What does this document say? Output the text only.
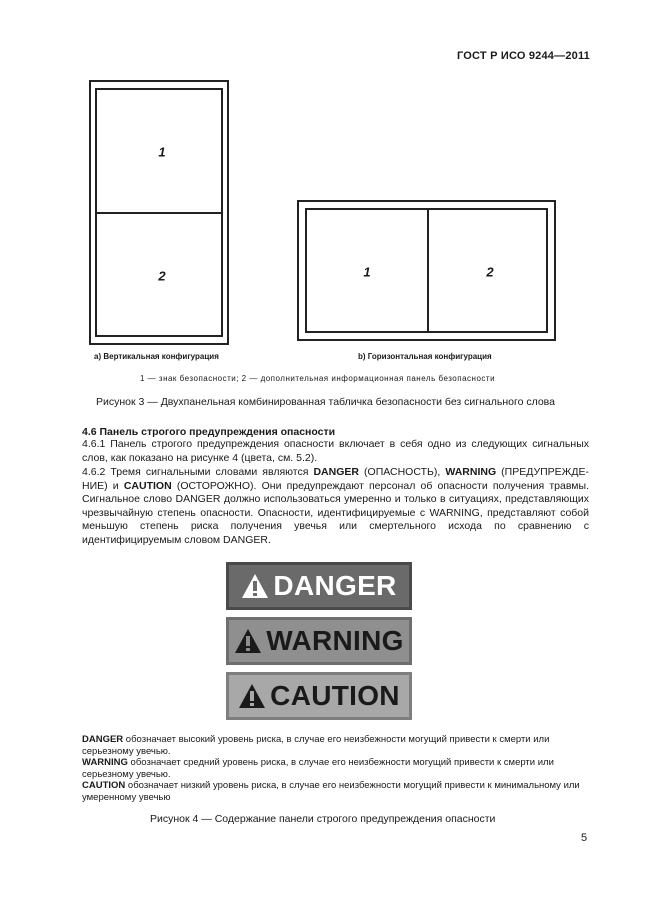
ГОСТ Р ИСО 9244—2011
1
2
a) Вертикальная конфигурация
1	2
b) Горизонтальная конфигурация
1 — знак безопасности; 2 — дополнительная информационная панель безопасности
Рисунок 3 — Двухпанельная комбинированная табличка безопасности без сигнального слова
4.6 Панель строгого предупреждения опасности
4.6.1 Панель строгого предупреждения опасности включает в себя одно из следующих сигнальных слов, как показано на рисунке 4 (цвета, см. 5.2).
4.6.2 Тремя сигнальными словами являются DANGER (ОПАСНОСТЬ), WARNING (ПРЕДУПРЕЖДЕ-НИЕ) и CAUTION (ОСТОРОЖНО). Они предупреждают персонал об опасности получения травмы. Сигнальное слово DANGER должно использоваться умеренно и только в ситуациях, представляющих чрезвычайную степень опасности. Опасности, идентифицируемые с WARNING, представляют собой меньшую степень риска получения увечья или смертельного исхода по сравнению с идентифицируемым словом DANGER.
DANGER
WARNING
CAUTION
DANGER обозначает высокий уровень риска, в случае его неизбежности могущий привести к смерти или серьезному увечью.
WARNING обозначает средний уровень риска, в случае его неизбежности могущий привести к смерти или серьезному увечью.
CAUTION обозначает низкий уровень риска, в случае его неизбежности могущий привести к минимальному или умеренному увечью
Рисунок 4 — Содержание панели строгого предупреждения опасности
5
